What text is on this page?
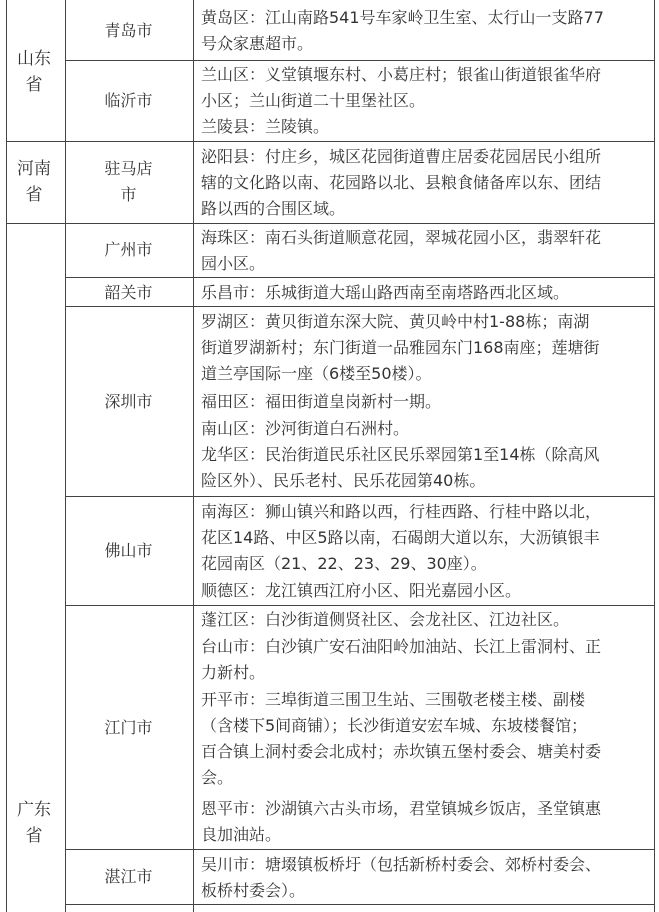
山东
省
青岛市
黄岛区：江山南路541号车家岭卫生室、太行山一支路77
号众家惠超市。
临沂市
兰山区：义堂镇堰东村、小葛庄村；银雀山街道银雀华府
小区；兰山街道二十里堡社区。
兰陵县：兰陵镇。
河南
省
驻马店
市
泌阳县：付庄乡，城区花园街道曹庄居委花园居民小组所
辖的文化路以南、花园路以北、县粮食储备库以东、团结
路以西的合围区域。
广东
省
广州市
海珠区：南石头街道顺意花园，翠城花园小区，翡翠轩花
园小区。
韶关市	乐昌市：乐城街道大瑶山路西南至南塔路西北区域。
深圳市
罗湖区：黄贝街道东深大院、黄贝岭中村1-88栋；南湖
街道罗湖新村；东门街道一品雅园东门168南座；莲塘街
道兰亭国际一座（6楼至50楼）。
福田区：福田街道皇岗新村一期。
南山区：沙河街道白石洲村。
龙华区：民治街道民乐社区民乐翠园第1至14栋（除高风
险区外）、民乐老村、民乐花园第40栋。
佛山市
南海区：狮山镇兴和路以西，行桂西路、行桂中路以北，
花区14路、中区5路以南，石碣朗大道以东，大沥镇银丰
花园南区（21、22、23、29、30座）。
顺德区：龙江镇西江府小区、阳光嘉园小区。
江门市
蓬江区：白沙街道侧贤社区、会龙社区、江边社区。
台山市：白沙镇广安石油阳岭加油站、长江上雷洞村、正
力新村。
开平市：三埠街道三围卫生站、三围敬老楼主楼、副楼
（含楼下5间商铺）；长沙街道安宏车城、东坡楼餐馆；
百合镇上洞村委会北成村；赤坎镇五堡村委会、塘美村委
会。
恩平市：沙湖镇六古头市场，君堂镇城乡饭店，圣堂镇惠
良加油站。
湛江市
吴川市：塘㙍镇板桥圩（包括新桥村委会、郊桥村委会、
板桥村委会）。
